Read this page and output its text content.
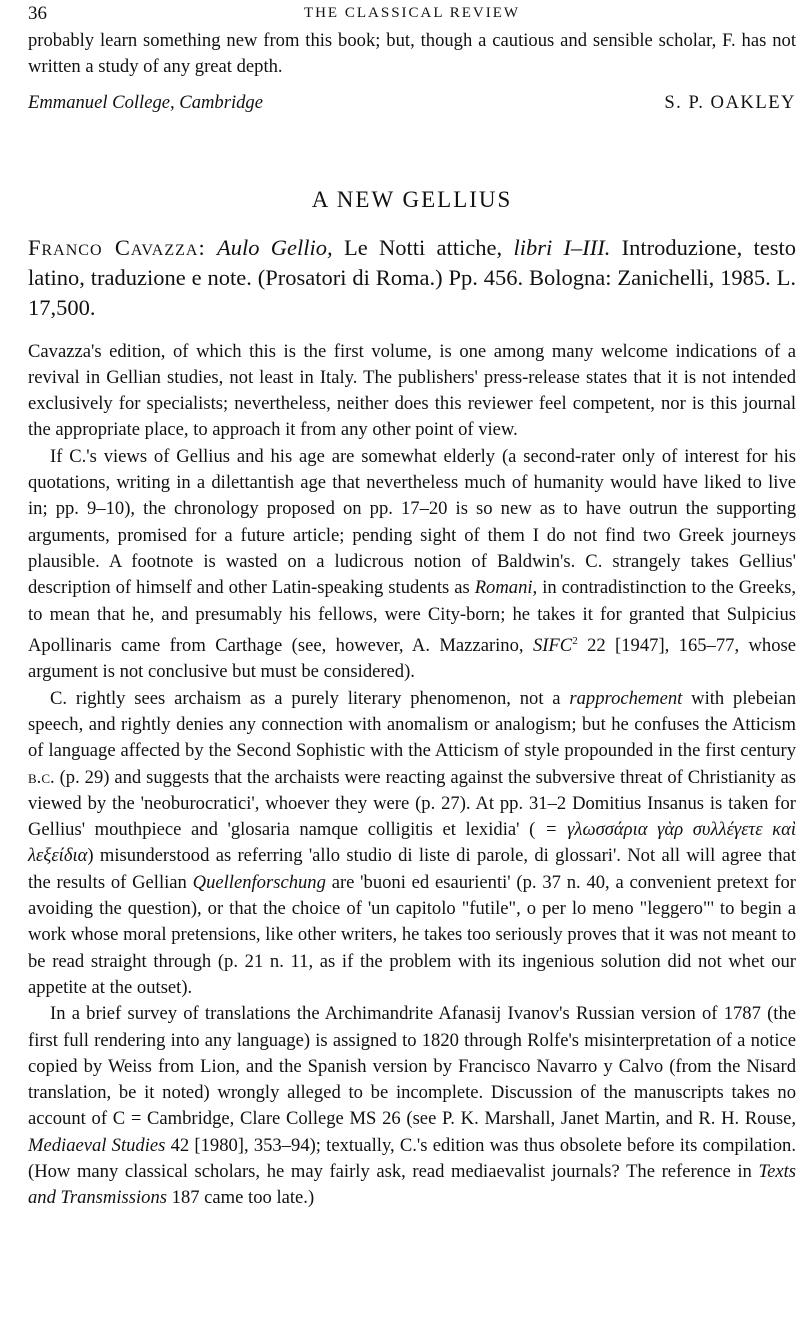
36	THE CLASSICAL REVIEW

probably learn something new from this book; but, though a cautious and sensible scholar, F. has not written a study of any great depth.

Emmanuel College, Cambridge	S. P. OAKLEY
A NEW GELLIUS

Franco Cavazza: Aulo Gellio, Le Notti attiche, libri I–III. Introduzione, testo latino, traduzione e note. (Prosatori di Roma.) Pp. 456. Bologna: Zanichelli, 1985. L. 17,500.

Cavazza's edition, of which this is the first volume, is one among many welcome indications of a revival in Gellian studies, not least in Italy. The publishers' press-release states that it is not intended exclusively for specialists; nevertheless, neither does this reviewer feel competent, nor is this journal the appropriate place, to approach it from any other point of view.

If C.'s views of Gellius and his age are somewhat elderly (a second-rater only of interest for his quotations, writing in a dilettantish age that nevertheless much of humanity would have liked to live in; pp. 9–10), the chronology proposed on pp. 17–20 is so new as to have outrun the supporting arguments, promised for a future article; pending sight of them I do not find two Greek journeys plausible. A footnote is wasted on a ludicrous notion of Baldwin's. C. strangely takes Gellius' description of himself and other Latin-speaking students as Romani, in contradistinction to the Greeks, to mean that he, and presumably his fellows, were City-born; he takes it for granted that Sulpicius Apollinaris came from Carthage (see, however, A. Mazzarino, SIFC$^2$ 22 [1947], 165–77, whose argument is not conclusive but must be considered).

C. rightly sees archaism as a purely literary phenomenon, not a rapprochement with plebeian speech, and rightly denies any connection with anomalism or analogism; but he confuses the Atticism of language affected by the Second Sophistic with the Atticism of style propounded in the first century b.c. (p. 29) and suggests that the archaists were reacting against the subversive threat of Christianity as viewed by the 'neoburocratici', whoever they were (p. 27). At pp. 31–2 Domitius Insanus is taken for Gellius' mouthpiece and 'glosaria namque colligitis et lexidia' ( = γλωσσάρια γὰρ συλλέγετε καὶ λεξείδια) misunderstood as referring 'allo studio di liste di parole, di glossari'. Not all will agree that the results of Gellian Quellenforschung are 'buoni ed esaurienti' (p. 37 n. 40, a convenient pretext for avoiding the question), or that the choice of 'un capitolo "futile", o per lo meno "leggero"' to begin a work whose moral pretensions, like other writers, he takes too seriously proves that it was not meant to be read straight through (p. 21 n. 11, as if the problem with its ingenious solution did not whet our appetite at the outset).

In a brief survey of translations the Archimandrite Afanasij Ivanov's Russian version of 1787 (the first full rendering into any language) is assigned to 1820 through Rolfe's misinterpretation of a notice copied by Weiss from Lion, and the Spanish version by Francisco Navarro y Calvo (from the Nisard translation, be it noted) wrongly alleged to be incomplete. Discussion of the manuscripts takes no account of C = Cambridge, Clare College MS 26 (see P. K. Marshall, Janet Martin, and R. H. Rouse, Mediaeval Studies 42 [1980], 353–94); textually, C.'s edition was thus obsolete before its compilation. (How many classical scholars, he may fairly ask, read mediaevalist journals? The reference in Texts and Transmissions 187 came too late.)
